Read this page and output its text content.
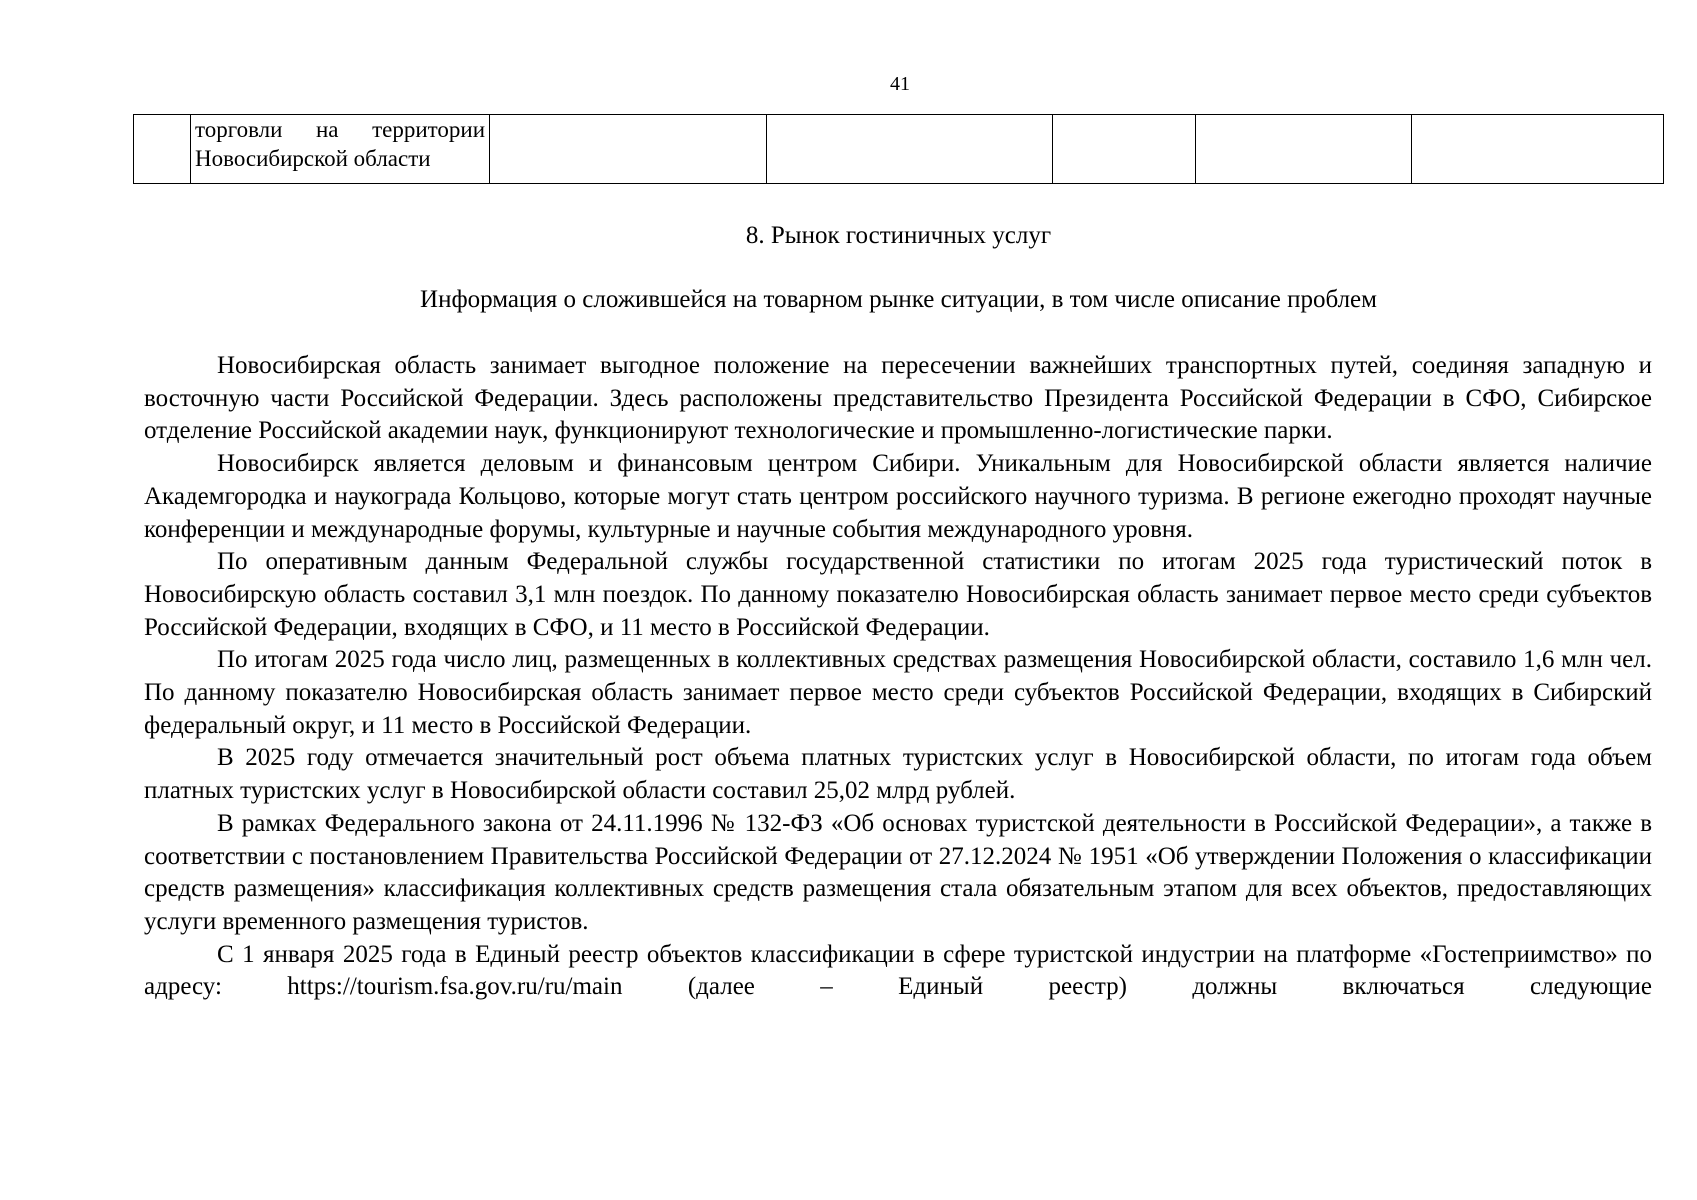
41

торговли на территории
Новосибирской области

8. Рынок гостиничных услуг
Информация о сложившейся на товарном рынке ситуации, в том числе описание проблем

Новосибирская область занимает выгодное положение на пересечении важнейших транспортных путей, соединяя западную и восточную части Российской Федерации. Здесь расположены представительство Президента Российской Федерации в СФО, Сибирское отделение Российской академии наук, функционируют технологические и промышленно-логистические парки.

Новосибирск является деловым и финансовым центром Сибири. Уникальным для Новосибирской области является наличие Академгородка и наукограда Кольцово, которые могут стать центром российского научного туризма. В регионе ежегодно проходят научные конференции и международные форумы, культурные и научные события международного уровня.

По оперативным данным Федеральной службы государственной статистики по итогам 2025 года туристический поток в Новосибирскую область составил 3,1 млн поездок. По данному показателю Новосибирская область занимает первое место среди субъектов Российской Федерации, входящих в СФО, и 11 место в Российской Федерации.

По итогам 2025 года число лиц, размещенных в коллективных средствах размещения Новосибирской области, составило 1,6 млн чел. По данному показателю Новосибирская область занимает первое место среди субъектов Российской Федерации, входящих в Сибирский федеральный округ, и 11 место в Российской Федерации.

В 2025 году отмечается значительный рост объема платных туристских услуг в Новосибирской области, по итогам года объем платных туристских услуг в Новосибирской области составил 25,02 млрд рублей.

В рамках Федерального закона от 24.11.1996 № 132-ФЗ «Об основах туристской деятельности в Российской Федерации», а также в соответствии с постановлением Правительства Российской Федерации от 27.12.2024 № 1951 «Об утверждении Положения о классификации средств размещения» классификация коллективных средств размещения стала обязательным этапом для всех объектов, предоставляющих услуги временного размещения туристов.

С 1 января 2025 года в Единый реестр объектов классификации в сфере туристской индустрии на платформе «Гостеприимство» по адресу: https://tourism.fsa.gov.ru/ru/main (далее – Единый реестр) должны включаться следующие
